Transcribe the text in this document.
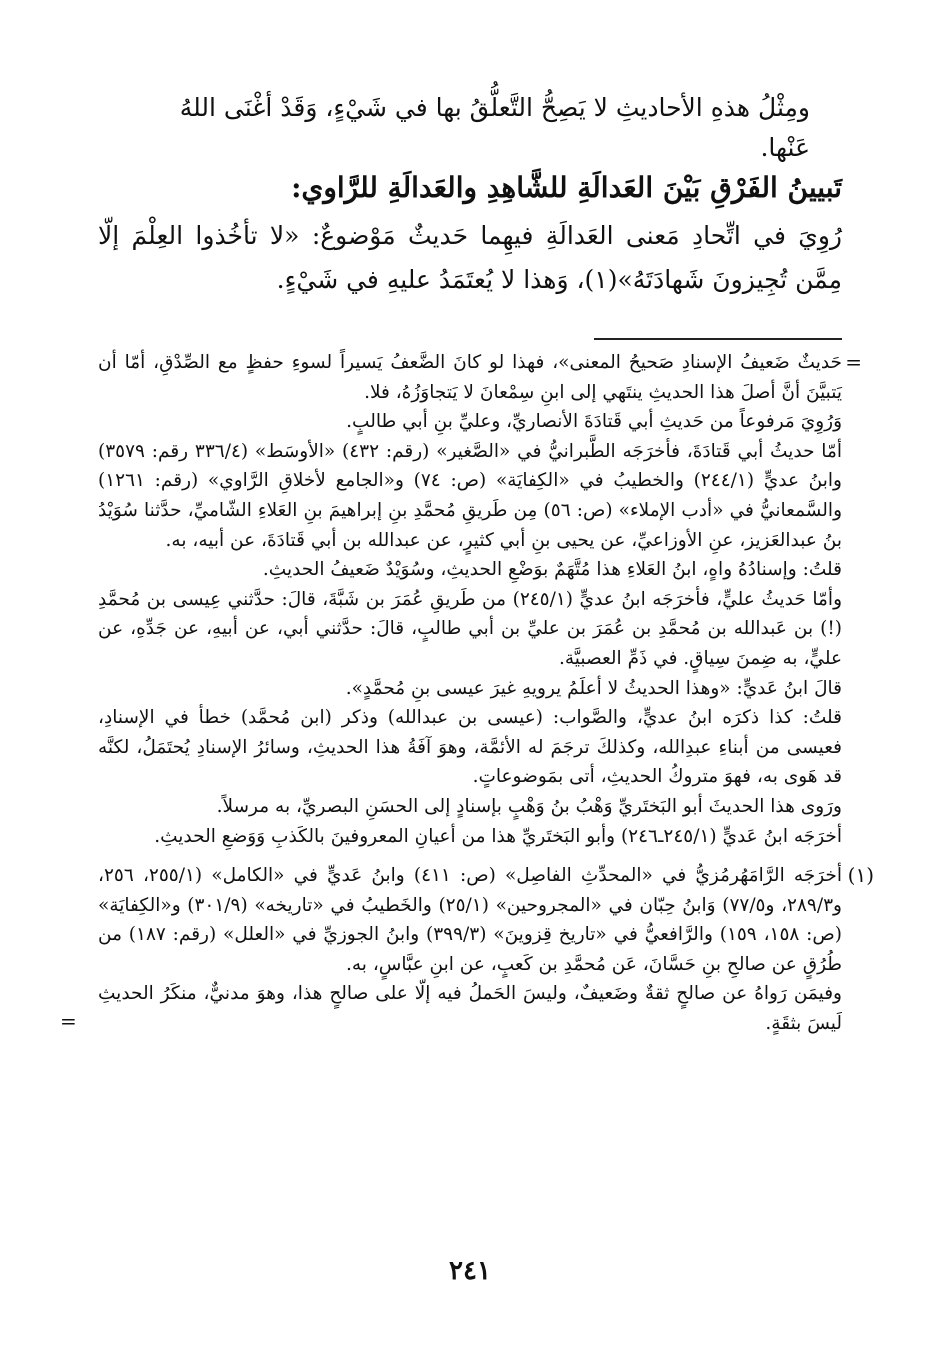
ومِثْلُ هذهِ الأحاديثِ لا يَصِحُّ التَّعلُّقُ بها في شَيْءٍ، وَقَدْ أغْنَى اللهُ عَنْها.

تَبيينُ الفَرْقِ بَيْنَ العَدالَةِ للشَّاهِدِ والعَدالَةِ للرَّاوي:

رُوِيَ في اتِّحادِ مَعنى العَدالَةِ فيهِما حَديثٌ مَوْضوعٌ: «لا تأخُذوا العِلْمَ إلّا مِمَّن تُجِيزونَ شَهادَتَهُ»(١)، وَهذا لا يُعتَمَدُ عليهِ في شَيْءٍ.

=

حَديثٌ ضَعيفُ الإسنادِ صَحيحُ المعنى»، فهذا لو كانَ الضَّعفُ يَسيراً لسوءِ حفظٍ مع الصِّدْقِ، أمّا أن يَتبيَّنَ أنَّ أصلَ هذا الحديثِ ينتَهي إلى ابنِ سِمْعانَ لا يَتجاوَزُهُ، فلا.

وَرُوِيَ مَرفوعاً من حَديثِ أبي قَتادَةَ الأنصاريِّ، وعليِّ بنِ أبي طالبٍ.

أمّا حديثُ أبي قَتادَةَ، فأخرَجَه الطَّبرانيُّ في «الصَّغير» (رقم: ٤٣٢) «الأوسَط» (٣٣٦/٤ رقم: ٣٥٧٩) وابنُ عديٍّ (٢٤٤/١) والخطيبُ في «الكِفايَة» (ص: ٧٤) و«الجامع لأخلاقِ الرَّاوي» (رقم: ١٢٦١) والسَّمعانيُّ في «أدب الإملاء» (ص: ٥٦) مِن طَريقِ مُحمَّدِ بنِ إبراهيمَ بنِ العَلاءِ الشّاميِّ، حدَّثنا سُوَيْدُ بنُ عبدالعَزيز، عنِ الأوزاعيِّ، عن يحيى بنِ أبي كثيرٍ، عن عبدالله بن أبي قَتادَةَ، عن أبيه، به.

قلتُ: وإسنادُهُ واهٍ، ابنُ العَلاءِ هذا مُتَّهَمٌ بوَضْعِ الحديثِ، وسُوَيْدٌ ضَعيفُ الحديثِ.

وأمّا حَديثُ عليٍّ، فأخرَجَه ابنُ عديٍّ (٢٤٥/١) من طَريقِ عُمَرَ بن شَبَّةَ، قالَ: حدَّثني عِيسى بن مُحمَّدِ (!) بن عَبدالله بن مُحمَّدِ بن عُمَرَ بن عليِّ بن أبي طالبٍ، قالَ: حدَّثني أبي، عن أبيهِ، عن جَدِّهِ، عن عليٍّ، به ضِمنَ سِياقٍ. في ذَمِّ العصبيَّة.

قالَ ابنُ عَديٍّ: «وهذا الحديثُ لا أعلَمُ يرويهِ غيرَ عيسى بنِ مُحمَّدٍ».

قلتُ: كذا ذكرَه ابنُ عديٍّ، والصَّواب: (عيسى بن عبدالله) وذكر (ابن مُحمَّد) خطأ في الإسنادِ، فعيسى من أبناءِ عبدِالله، وكذلكَ ترجَمَ له الأئمَّة، وهوَ آفَةُ هذا الحديثِ، وسائرُ الإسنادِ يُحتَمَلُ، لكنَّه قد هَوى به، فهوَ متروكُ الحديثِ، أتى بمَوضوعاتٍ.

ورَوى هذا الحديثَ أبو البَختَريِّ وَهْبُ بنُ وَهْبٍ بإسنادٍ إلى الحسَنِ البصريِّ، به مرسلاً.

أخرَجَه ابنُ عَديٍّ (٢٤٥/١ـ٢٤٦) وأبو البَختَريِّ هذا من أعيانِ المعروفينَ بالكَذبِ وَوَضعِ الحديثِ.

(١)

أخرَجَه الرَّامَهُرمُزيُّ في «المحدِّثِ الفاصِل» (ص: ٤١١) وابنُ عَديٍّ في «الكامل» (٢٥٥/١، ٢٥٦، و٢٨٩/٣، و٧٧/٥) وَابنُ حِبّان في «المجروحين» (٢٥/١) والخَطيبُ في «تاريخه» (٣٠١/٩) و«الكِفايَة» (ص: ١٥٨، ١٥٩) والرَّافعيُّ في «تاريخ قِزوينَ» (٣٩٩/٣) وابنُ الجوزيِّ في «العلل» (رقم: ١٨٧) من طُرُقٍ عن صالحِ بنِ حَسَّانَ، عَن مُحمَّدِ بن كَعبٍ، عن ابنِ عبَّاسٍ، به.

وفيمَن رَواهُ عن صالحٍ ثقةٌ وضَعيفٌ، وليسَ الحَملُ فيه إلّا على صالحٍ هذا، وهوَ مدنيٌّ، منكَرُ الحديثِ لَيسَ بثقَةٍ.

=
٢٤١
